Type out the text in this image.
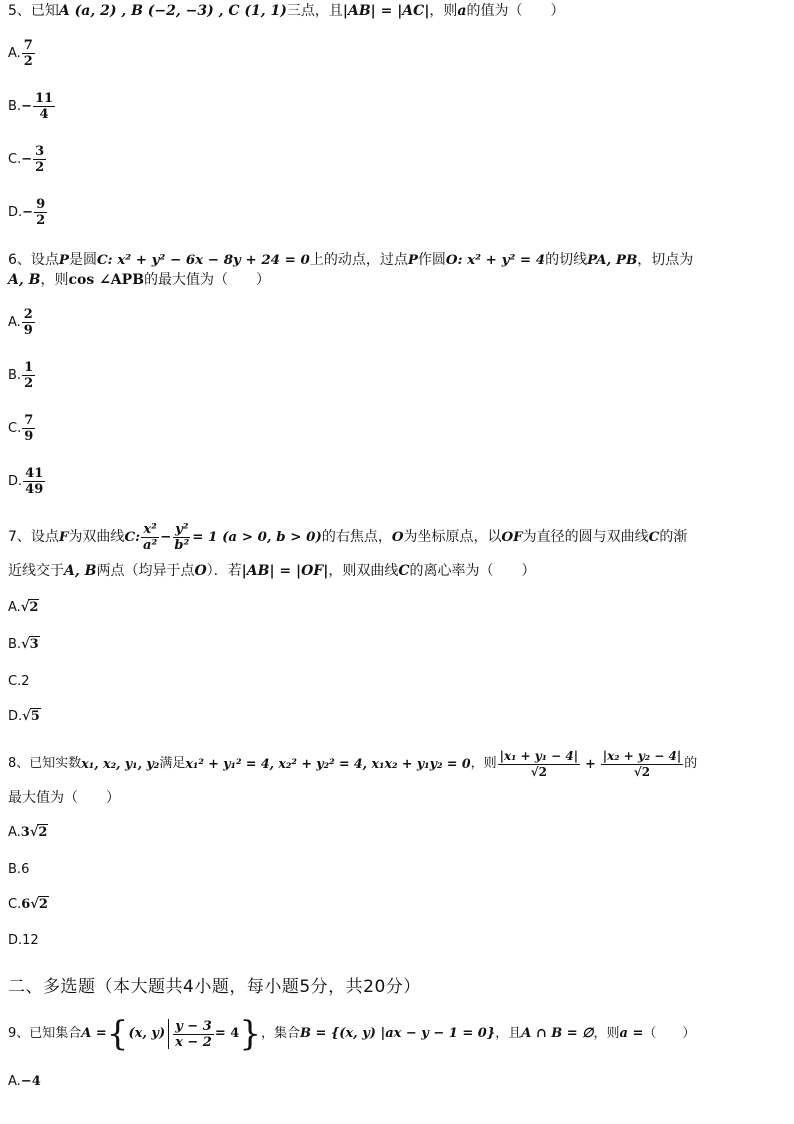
5、已知A (a, 2) , B (−2, −3) , C (1, 1)三点，且|AB| = |AC|，则a的值为（　　）
A. $\frac{7}{2}$
B. − $\frac{11}{4}$
C. − $\frac{3}{2}$
D. − $\frac{9}{2}$
6、设点P是圆C: x² + y² − 6x − 8y + 24 = 0上的动点，过点P作圆O: x² + y² = 4的切线PA, PB，切点为
A, B，则cos ∠APB的最大值为（　　）
A. $\frac{2}{9}$
B. $\frac{1}{2}$
C. $\frac{7}{9}$
D. $\frac{41}{49}$
7、设点 F 为双曲线 C: $\frac{\text{x²}}{\text{a²}} - \frac{\text{y²}}{\text{b²}} = 1$ (a > 0, b > 0) 的右焦点， O 为坐标原点，以 OF 为直径的圆与双曲线 C 的渐
近线交于A, B两点（均异于点O）．若|AB| = |OF|，则双曲线C的离心率为（　　）
A. √2
B. √3
C. 2
D. √5
8、已知实数 x₁, x₂, y₁, y₂ 满足 x₁² + y₁² = 4, x₂² + y₂² = 4, x₁x₂ + y₁y₂ = 0 ，则 $\frac{\text{|x₁ + y₁ − 4|}}{√2} + \frac{\text{|x₂ + y₂ − 4|}}{√2}$ 的
最大值为（　　）
A. 3 √2
B. 6
C. 6 √2
D. 12
二、多选题（本大题共4小题，每小题5分，共20分）
9、已知集合 A = { (x, $y) \frac{y - 3}{x - 2} = 4$ } ，集合 B = {(x, y) |ax − y − 1 = 0} ，且 A ∩ B = ∅ ，则 a = （　　）
A. −4
